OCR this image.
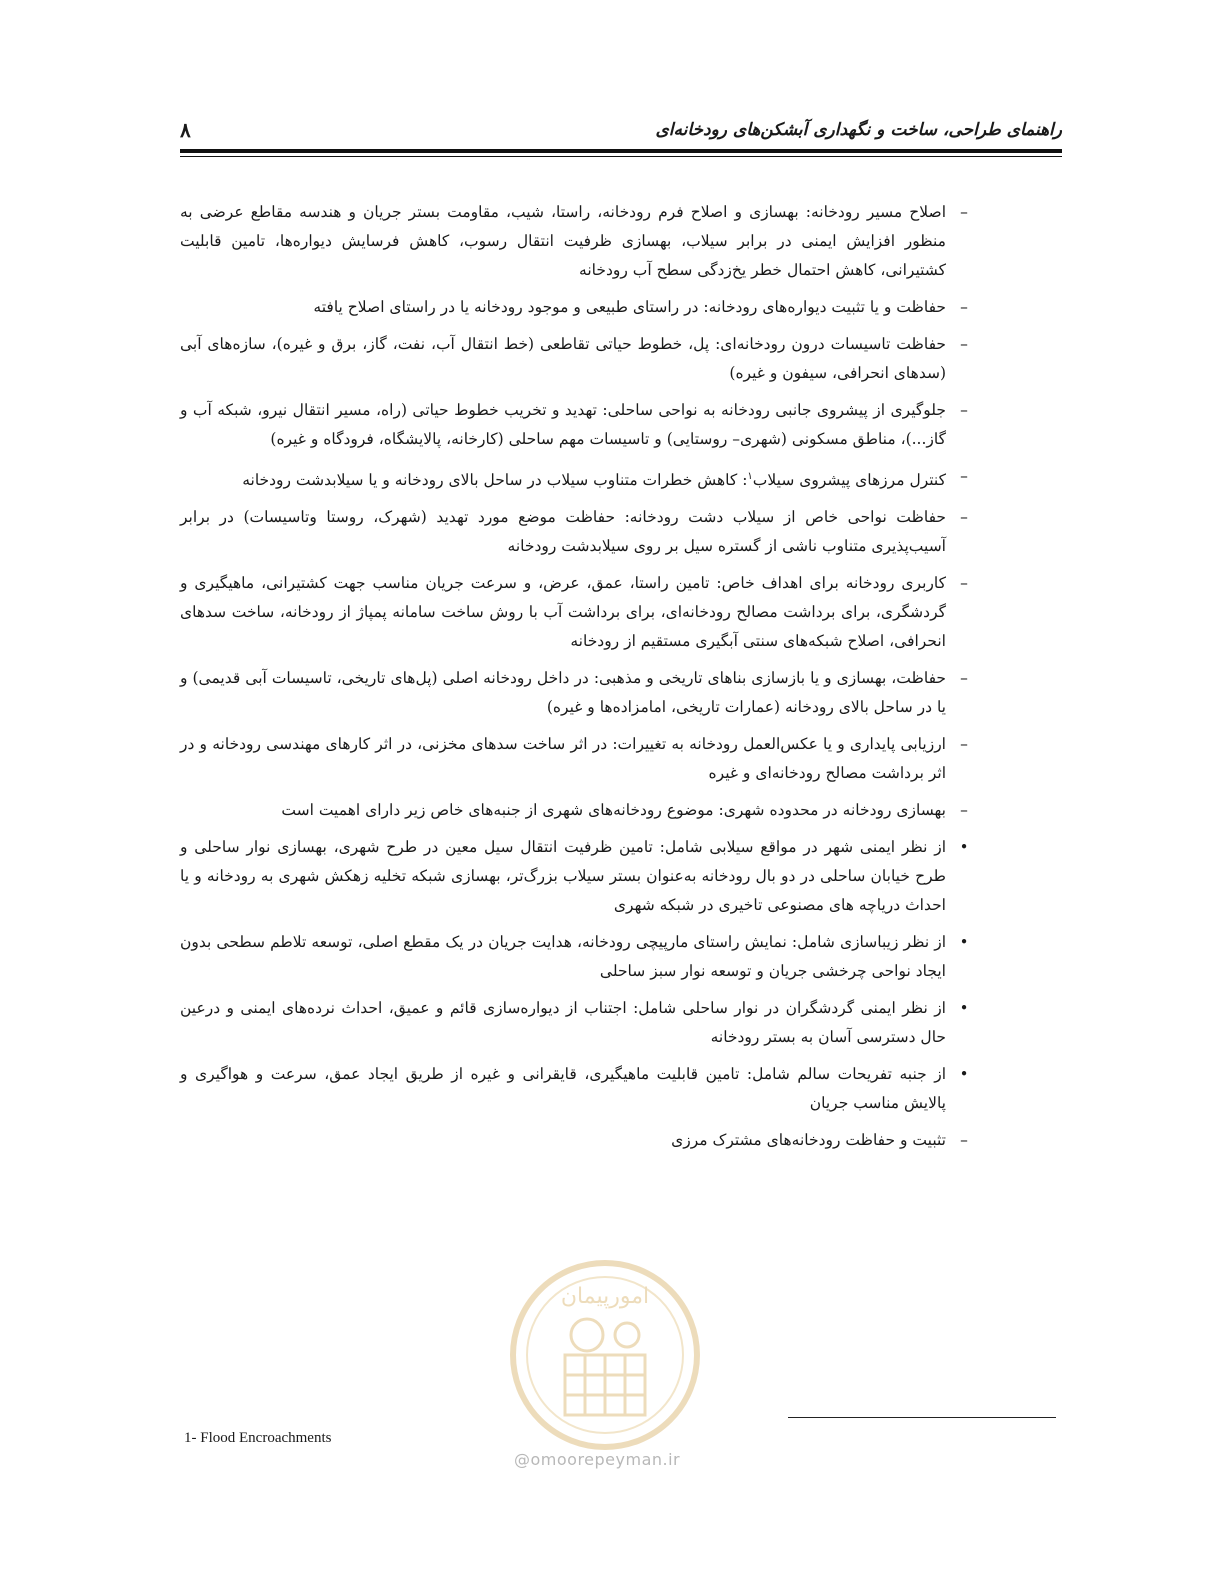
۸	راهنمای طراحی، ساخت و نگهداری آبشکن‌های رودخانه‌ای
–
اصلاح مسیر رودخانه: بهسازی و اصلاح فرم رودخانه، راستا، شیب، مقاومت بستر جریان و هندسه مقاطع عرضی به منظور افزایش ایمنی در برابر سیلاب، بهسازی ظرفیت انتقال رسوب، کاهش فرسایش دیواره‌ها، تامین قابلیت کشتیرانی، کاهش احتمال خطر یخ‌زدگی سطح آب رودخانه
–
حفاظت و یا تثبیت دیواره‌های رودخانه: در راستای طبیعی و موجود رودخانه یا در راستای اصلاح یافته
–
حفاظت تاسیسات درون رودخانه‌ای: پل، خطوط حیاتی تقاطعی (خط انتقال آب، نفت، گاز، برق و غیره)، سازه‌های آبی (سدهای انحرافی، سیفون و غیره)
–
جلوگیری از پیشروی جانبی رودخانه به نواحی ساحلی: تهدید و تخریب خطوط حیاتی (راه، مسیر انتقال نیرو، شبکه آب و گاز...)، مناطق مسکونی (شهری– روستایی) و تاسیسات مهم ساحلی (کارخانه، پالایشگاه، فرودگاه و غیره)
–
کنترل مرزهای پیشروی سیلاب$^۱$: کاهش خطرات متناوب سیلاب در ساحل بالای رودخانه و یا سیلابدشت رودخانه
–
حفاظت نواحی خاص از سیلاب دشت رودخانه: حفاظت موضع مورد تهدید (شهرک، روستا وتاسیسات) در برابر آسیب‌پذیری متناوب ناشی از گستره سیل بر روی سیلابدشت رودخانه
–
کاربری رودخانه برای اهداف خاص: تامین راستا، عمق، عرض، و سرعت جریان مناسب جهت کشتیرانی، ماهیگیری و گردشگری، برای برداشت مصالح رودخانه‌ای، برای برداشت آب با روش ساخت سامانه پمپاژ از رودخانه، ساخت سدهای انحرافی، اصلاح شبکه‌های سنتی آبگیری مستقیم از رودخانه
–
حفاظت، بهسازی و یا بازسازی بناهای تاریخی و مذهبی: در داخل رودخانه اصلی (پل‌های تاریخی، تاسیسات آبی قدیمی) و یا در ساحل بالای رودخانه (عمارات تاریخی، امامزاده‌ها و غیره)
–
ارزیابی پایداری و یا عکس‌العمل رودخانه به تغییرات: در اثر ساخت سدهای مخزنی، در اثر کارهای مهندسی رودخانه و در اثر برداشت مصالح رودخانه‌ای و غیره
–
بهسازی رودخانه در محدوده شهری: موضوع رودخانه‌های شهری از جنبه‌های خاص زیر دارای اهمیت است
•
از نظر ایمنی شهر در مواقع سیلابی شامل: تامین ظرفیت انتقال سیل معین در طرح شهری، بهسازی نوار ساحلی و طرح خیابان ساحلی در دو بال رودخانه به‌عنوان بستر سیلاب بزرگ‌تر، بهسازی شبکه تخلیه زهکش شهری به رودخانه و یا احداث دریاچه های مصنوعی تاخیری در شبکه شهری
•
از نظر زیباسازی شامل: نمایش راستای مارپیچی رودخانه، هدایت جریان در یک مقطع اصلی، توسعه تلاطم سطحی بدون ایجاد نواحی چرخشی جریان و توسعه نوار سبز ساحلی
•
از نظر ایمنی گردشگران در نوار ساحلی شامل: اجتناب از دیواره‌سازی قائم و عمیق، احداث نرده‌های ایمنی و درعین حال دسترسی آسان به بستر رودخانه
•
از جنبه تفریحات سالم شامل: تامین قابلیت ماهیگیری، قایقرانی و غیره از طریق ایجاد عمق، سرعت و هواگیری و پالایش مناسب جریان
–
تثبیت و حفاظت رودخانه‌های مشترک مرزی
امورپیمان
1- Flood Encroachments
@omoorepeyman.ir
